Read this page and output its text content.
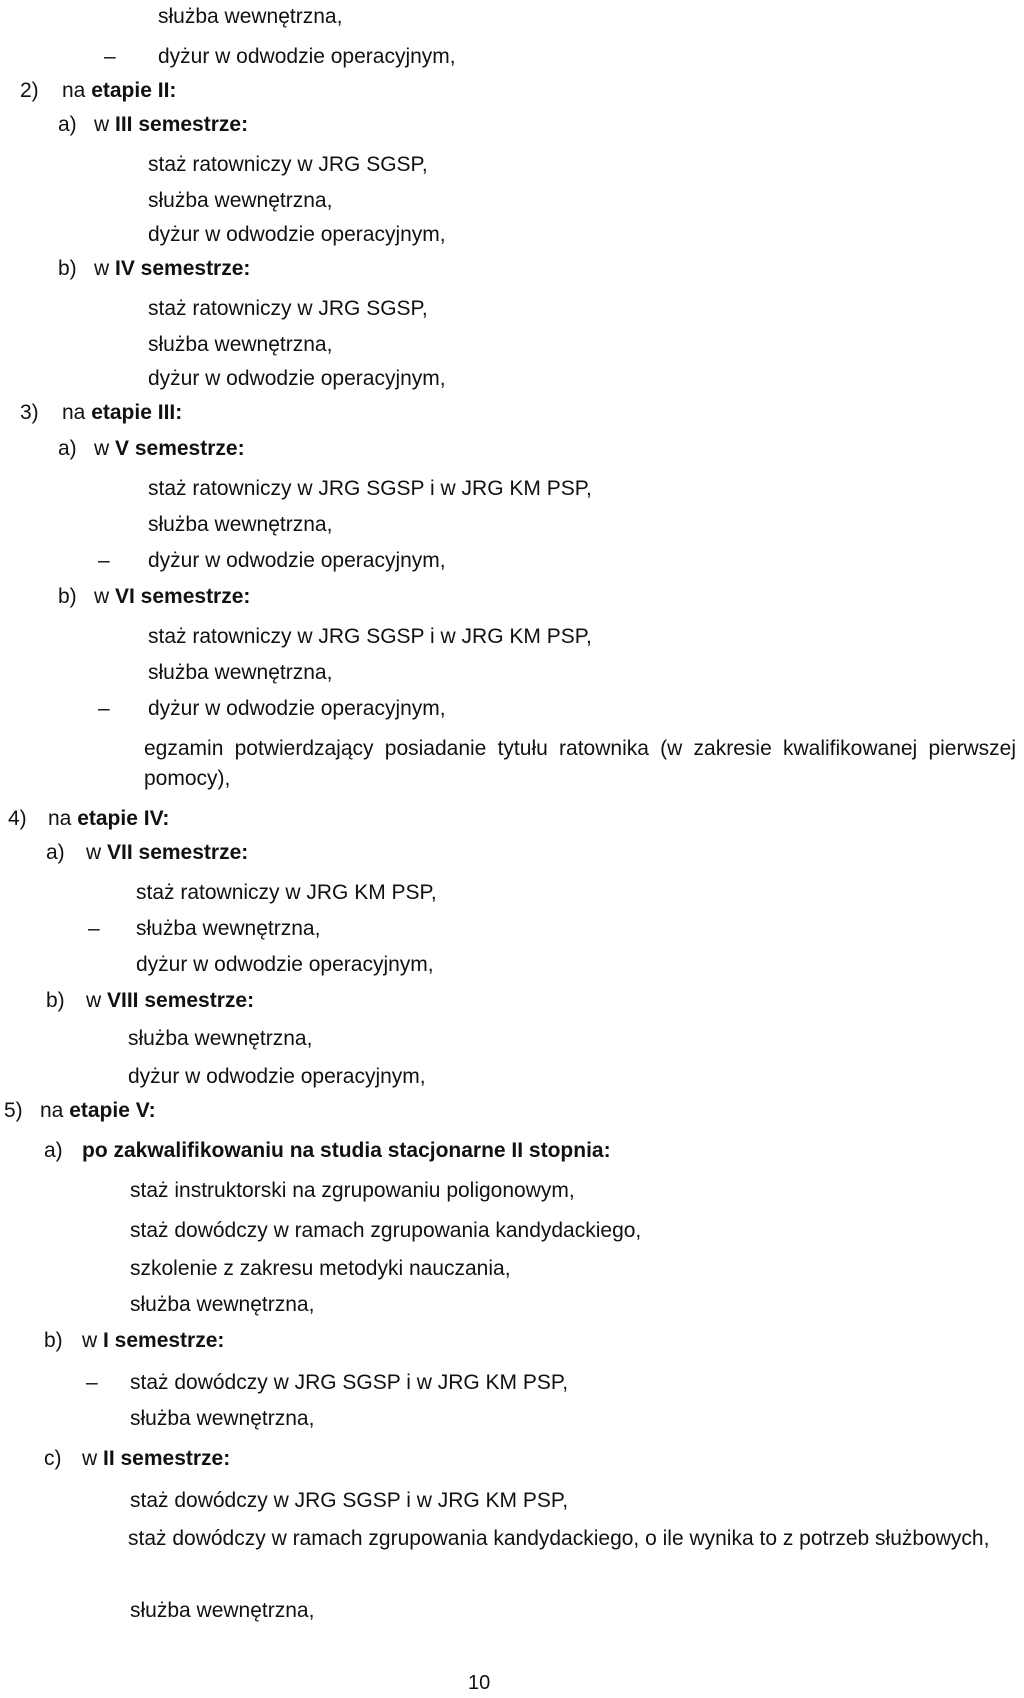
służba wewnętrzna,
– dyżur w odwodzie operacyjnym,
2) na etapie II:
a) w III semestrze:
staż ratowniczy w JRG SGSP,
służba wewnętrzna,
dyżur w odwodzie operacyjnym,
b) w IV semestrze:
staż ratowniczy w JRG SGSP,
służba wewnętrzna,
dyżur w odwodzie operacyjnym,
3) na etapie III:
a) w V semestrze:
staż ratowniczy w JRG SGSP i w JRG KM PSP,
służba wewnętrzna,
– dyżur w odwodzie operacyjnym,
b) w VI semestrze:
staż ratowniczy w JRG SGSP i w JRG KM PSP,
służba wewnętrzna,
– dyżur w odwodzie operacyjnym,
egzamin potwierdzający posiadanie tytułu ratownika (w zakresie kwalifikowanej pierwszej pomocy),
4) na etapie IV:
a) w VII semestrze:
staż ratowniczy w JRG KM PSP,
– służba wewnętrzna,
dyżur w odwodzie operacyjnym,
b) w VIII semestrze:
służba wewnętrzna,
dyżur w odwodzie operacyjnym,
5) na etapie V:
a) po zakwalifikowaniu na studia stacjonarne II stopnia:
staż instruktorski na zgrupowaniu poligonowym,
staż dowódczy w ramach zgrupowania kandydackiego,
szkolenie z zakresu metodyki nauczania,
służba wewnętrzna,
b) w I semestrze:
– staż dowódczy w JRG SGSP i w JRG KM PSP,
służba wewnętrzna,
c) w II semestrze:
staż dowódczy w JRG SGSP i w JRG KM PSP,
staż dowódczy w ramach zgrupowania kandydackiego, o ile wynika to z potrzeb służbowych,
służba wewnętrzna,
10
